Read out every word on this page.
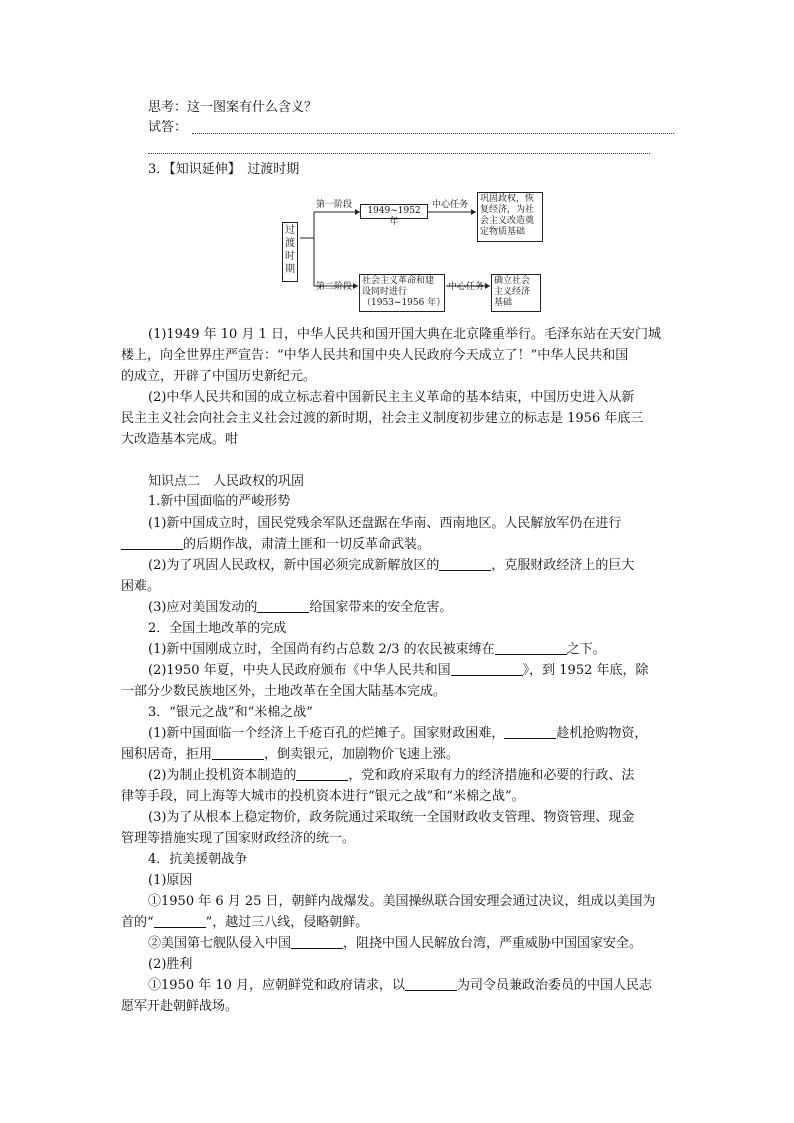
思考：这一图案有什么含义？
试答：
3．【知识延伸】　过渡时期
过渡时期
第一阶段
1949~1952 年
中心任务
巩固政权，恢复经济，为社会主义改造奠定物质基础
第二阶段
社会主义革命和建设同时进行（1953~1956 年）
中心任务
确立社会主义经济基础
(1)1949 年 10 月 1 日，中华人民共和国开国大典在北京隆重举行。毛泽东站在天安门城
楼上，向全世界庄严宣告：“中华人民共和国中央人民政府今天成立了！”中华人民共和国
的成立，开辟了中国历史新纪元。
(2)中华人民共和国的成立标志着中国新民主主义革命的基本结束，中国历史进入从新
民主主义社会向社会主义社会过渡的新时期，社会主义制度初步建立的标志是 1956 年底三
大改造基本完成。咁
知识点二　人民政权的巩固
1.新中国面临的严峻形势
(1)新中国成立时，国民党残余军队还盘踞在华南、西南地区。人民解放军仍在进行
的后期作战，肃清土匪和一切反革命武装。
(2)为了巩固人民政权，新中国必须完成新解放区的	，克服财政经济上的巨大
困难。
(3)应对美国发动的	给国家带来的安全危害。
2．全国土地改革的完成
(1)新中国刚成立时，全国尚有约占总数 2/3 的农民被束缚在	之下。
(2)1950 年夏，中央人民政府颁布《中华人民共和国	》，到 1952 年底，除
一部分少数民族地区外，土地改革在全国大陆基本完成。
3．“银元之战”和“米棉之战”
(1)新中国面临一个经济上千疮百孔的烂摊子。国家财政困难，	趁机抢购物资，
囤积居奇，拒用	，倒卖银元，加剧物价飞速上涨。
(2)为制止投机资本制造的	，党和政府采取有力的经济措施和必要的行政、法
律等手段，同上海等大城市的投机资本进行“银元之战”和“米棉之战”。
(3)为了从根本上稳定物价，政务院通过采取统一全国财政收支管理、物资管理、现金
管理等措施实现了国家财政经济的统一。
4．抗美援朝战争
(1)原因
①1950 年 6 月 25 日，朝鲜内战爆发。美国操纵联合国安理会通过决议，组成以美国为
首的“	”，越过三八线，侵略朝鲜。
②美国第七舰队侵入中国	，阻挠中国人民解放台湾，严重威胁中国国家安全。
(2)胜利
①1950 年 10 月，应朝鲜党和政府请求，以	为司令员兼政治委员的中国人民志
愿军开赴朝鲜战场。
